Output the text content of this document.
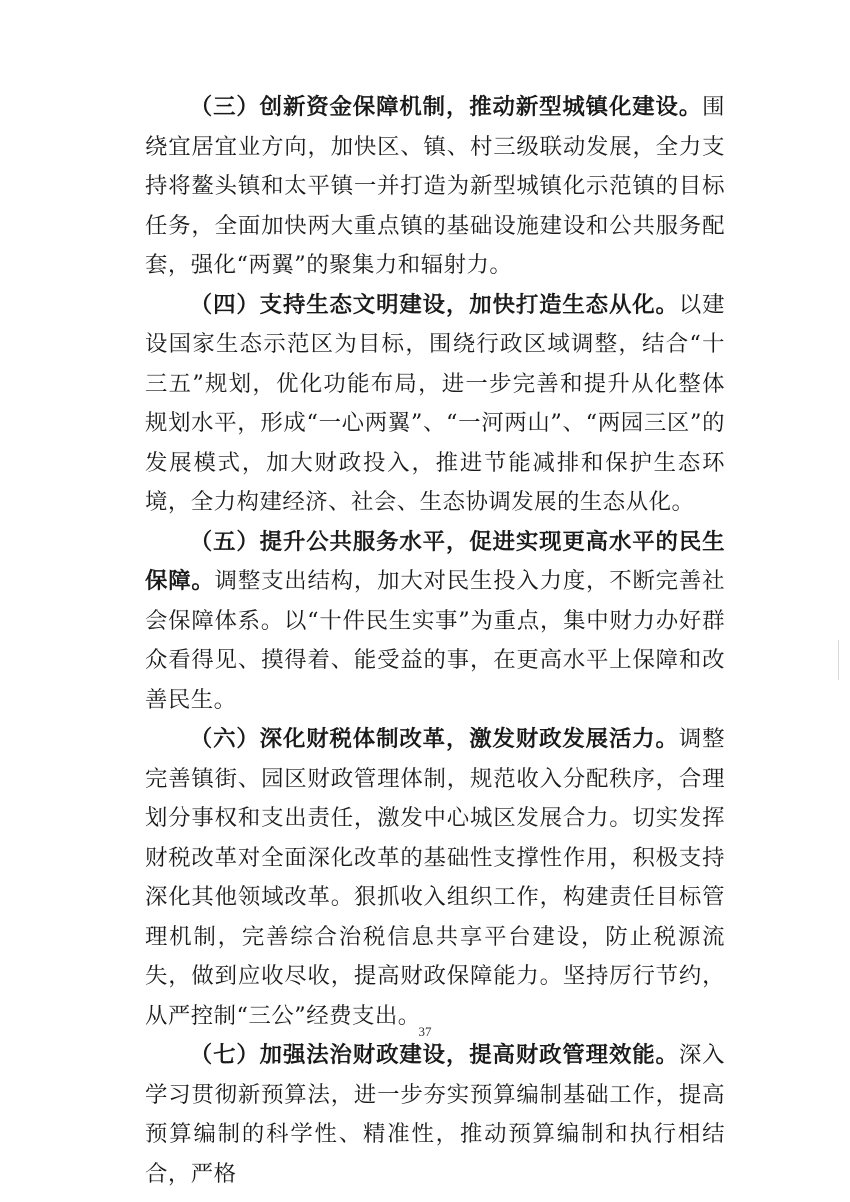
（三）创新资金保障机制，推动新型城镇化建设。围绕宜居宜业方向，加快区、镇、村三级联动发展，全力支持将鳌头镇和太平镇一并打造为新型城镇化示范镇的目标任务，全面加快两大重点镇的基础设施建设和公共服务配套，强化“两翼”的聚集力和辐射力。

（四）支持生态文明建设，加快打造生态从化。以建设国家生态示范区为目标，围绕行政区域调整，结合“十三五”规划，优化功能布局，进一步完善和提升从化整体规划水平，形成“一心两翼”、“一河两山”、“两园三区”的发展模式，加大财政投入，推进节能减排和保护生态环境，全力构建经济、社会、生态协调发展的生态从化。

（五）提升公共服务水平，促进实现更高水平的民生保障。调整支出结构，加大对民生投入力度，不断完善社会保障体系。以“十件民生实事”为重点，集中财力办好群众看得见、摸得着、能受益的事，在更高水平上保障和改善民生。

（六）深化财税体制改革，激发财政发展活力。调整完善镇街、园区财政管理体制，规范收入分配秩序，合理划分事权和支出责任，激发中心城区发展合力。切实发挥财税改革对全面深化改革的基础性支撑性作用，积极支持深化其他领域改革。狠抓收入组织工作，构建责任目标管理机制，完善综合治税信息共享平台建设，防止税源流失，做到应收尽收，提高财政保障能力。坚持厉行节约，从严控制“三公”经费支出。

（七）加强法治财政建设，提高财政管理效能。深入学习贯彻新预算法，进一步夯实预算编制基础工作，提高预算编制的科学性、精准性，推动预算编制和执行相结合，严格

37
